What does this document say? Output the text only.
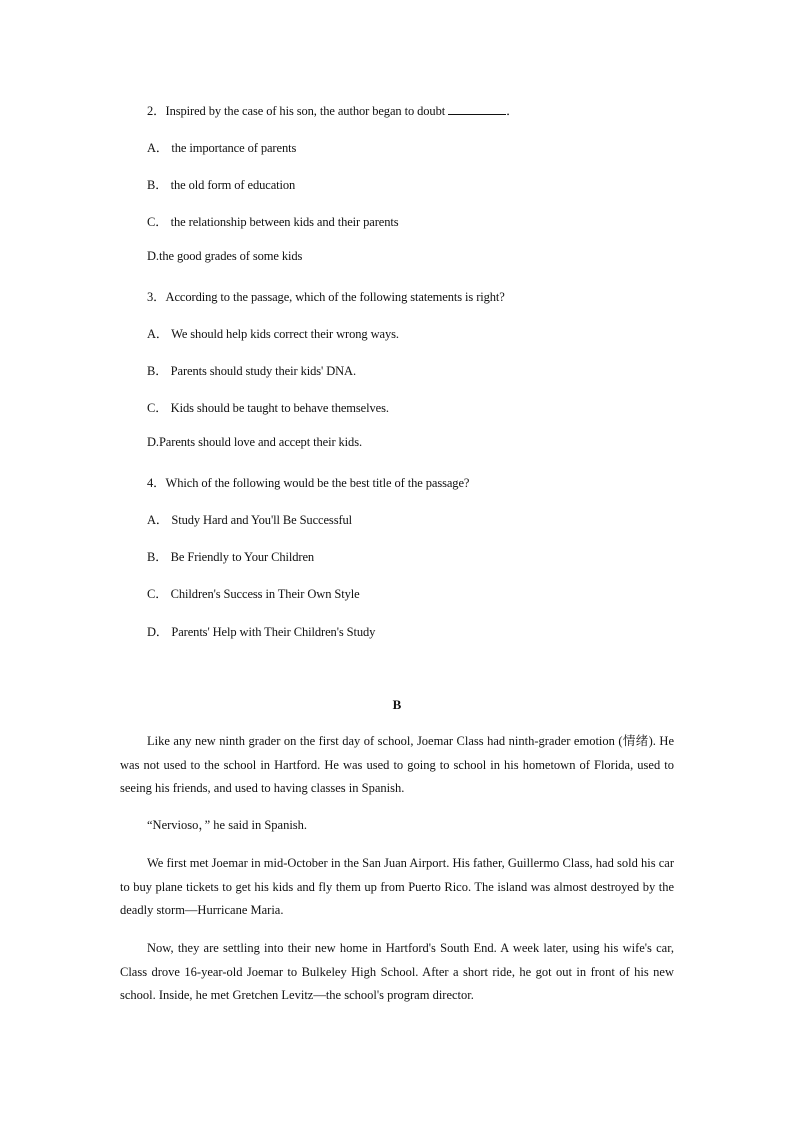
2．Inspired by the case of his son, the author began to doubt	．
A． the importance of parents
B． the old form of education
C． the relationship between kids and their parents
D.the good grades of some kids
3．According to the passage, which of the following statements is right?
A． We should help kids correct their wrong ways.
B． Parents should study their kids' DNA.
C． Kids should be taught to behave themselves.
D.Parents should love and accept their kids.
4．Which of the following would be the best title of the passage?
A． Study Hard and You'll Be Successful
B． Be Friendly to Your Children
C． Children's Success in Their Own Style
D． Parents' Help with Their Children's Study
B

Like any new ninth grader on the first day of school, Joemar Class had ninth-grader emotion (情绪). He was not used to the school in Hartford. He was used to going to school in his hometown of Florida, used to seeing his friends, and used to having classes in Spanish.

“Nervioso，” he said in Spanish.

We first met Joemar in mid-October in the San Juan Airport. His father, Guillermo Class, had sold his car to buy plane tickets to get his kids and fly them up from Puerto Rico. The island was almost destroyed by the deadly storm—Hurricane Maria.

Now, they are settling into their new home in Hartford's South End. A week later, using his wife's car, Class drove 16-year-old Joemar to Bulkeley High School. After a short ride, he got out in front of his new school. Inside, he met Gretchen Levitz—the school's program director.
